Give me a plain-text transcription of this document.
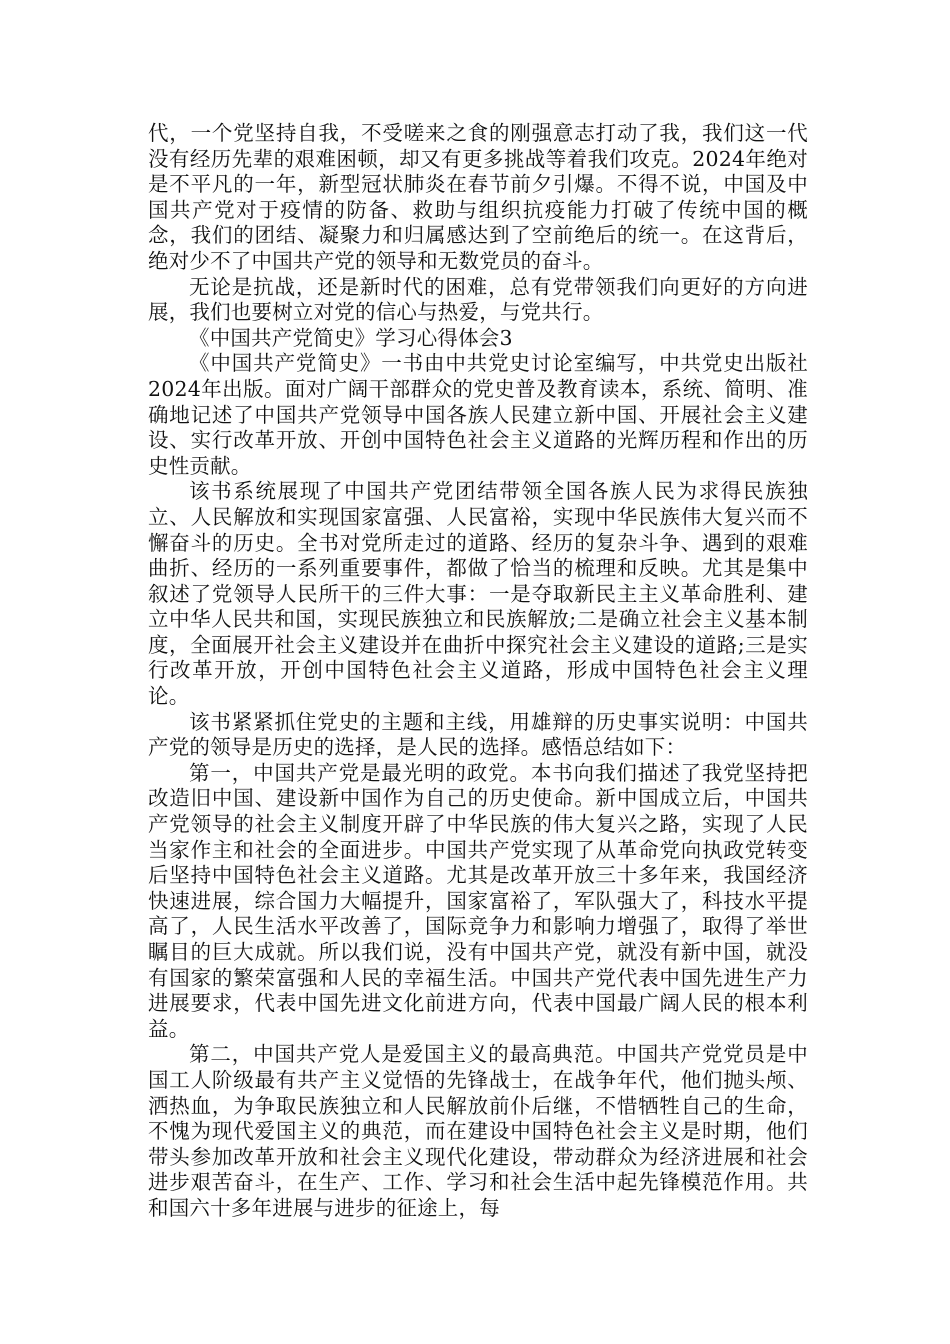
代，一个党坚持自我，不受嗟来之食的刚强意志打动了我，我们这一代没有经历先辈的艰难困顿，却又有更多挑战等着我们攻克。2024年绝对是不平凡的一年，新型冠状肺炎在春节前夕引爆。不得不说，中国及中国共产党对于疫情的防备、救助与组织抗疫能力打破了传统中国的概念，我们的团结、凝聚力和归属感达到了空前绝后的统一。在这背后，绝对少不了中国共产党的领导和无数党员的奋斗。

无论是抗战，还是新时代的困难，总有党带领我们向更好的方向进展，我们也要树立对党的信心与热爱，与党共行。

《中国共产党简史》学习心得体会3

《中国共产党简史》一书由中共党史讨论室编写，中共党史出版社2024年出版。面对广阔干部群众的党史普及教育读本，系统、简明、准确地记述了中国共产党领导中国各族人民建立新中国、开展社会主义建设、实行改革开放、开创中国特色社会主义道路的光辉历程和作出的历史性贡献。

该书系统展现了中国共产党团结带领全国各族人民为求得民族独立、人民解放和实现国家富强、人民富裕，实现中华民族伟大复兴而不懈奋斗的历史。全书对党所走过的道路、经历的复杂斗争、遇到的艰难曲折、经历的一系列重要事件，都做了恰当的梳理和反映。尤其是集中叙述了党领导人民所干的三件大事：一是夺取新民主主义革命胜利、建立中华人民共和国，实现民族独立和民族解放;二是确立社会主义基本制度，全面展开社会主义建设并在曲折中探究社会主义建设的道路;三是实行改革开放，开创中国特色社会主义道路，形成中国特色社会主义理论。

该书紧紧抓住党史的主题和主线，用雄辩的历史事实说明：中国共产党的领导是历史的选择，是人民的选择。感悟总结如下：

第一，中国共产党是最光明的政党。本书向我们描述了我党坚持把改造旧中国、建设新中国作为自己的历史使命。新中国成立后，中国共产党领导的社会主义制度开辟了中华民族的伟大复兴之路，实现了人民当家作主和社会的全面进步。中国共产党实现了从革命党向执政党转变后坚持中国特色社会主义道路。尤其是改革开放三十多年来，我国经济快速进展，综合国力大幅提升，国家富裕了，军队强大了，科技水平提高了，人民生活水平改善了，国际竞争力和影响力增强了，取得了举世瞩目的巨大成就。所以我们说，没有中国共产党，就没有新中国，就没有国家的繁荣富强和人民的幸福生活。中国共产党代表中国先进生产力进展要求，代表中国先进文化前进方向，代表中国最广阔人民的根本利益。

第二，中国共产党人是爱国主义的最高典范。中国共产党党员是中国工人阶级最有共产主义觉悟的先锋战士，在战争年代，他们抛头颅、洒热血，为争取民族独立和人民解放前仆后继，不惜牺牲自己的生命，不愧为现代爱国主义的典范，而在建设中国特色社会主义是时期，他们带头参加改革开放和社会主义现代化建设，带动群众为经济进展和社会进步艰苦奋斗，在生产、工作、学习和社会生活中起先锋模范作用。共和国六十多年进展与进步的征途上，每
